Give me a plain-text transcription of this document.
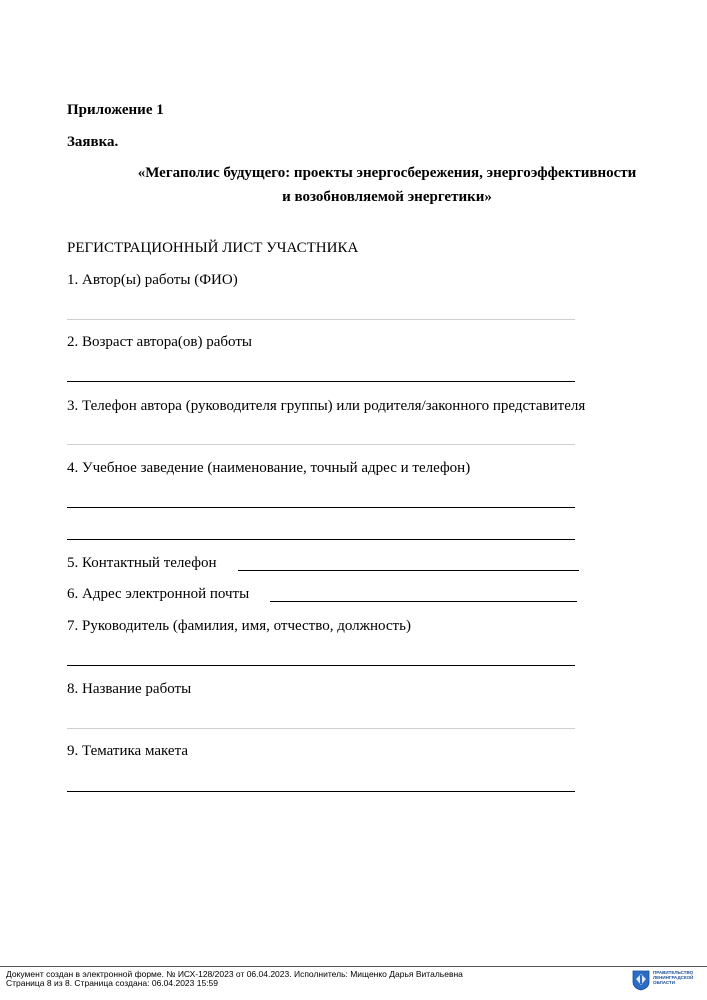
Приложение 1
Заявка.
«Мегаполис будущего: проекты энергосбережения, энергоэффективности
и возобновляемой энергетики»
РЕГИСТРАЦИОННЫЙ ЛИСТ УЧАСТНИКА
1. Автор(ы) работы (ФИО)
2. Возраст автора(ов) работы
3. Телефон автора (руководителя группы) или родителя/законного представителя
4. Учебное заведение (наименование, точный адрес и телефон)
5. Контактный телефон
6. Адрес электронной почты
7. Руководитель (фамилия, имя, отчество, должность)
8. Название работы
9. Тематика макета
Документ создан в электронной форме. № ИСХ-128/2023 от 06.04.2023. Исполнитель: Мищенко Дарья Витальевна
Страница 8 из 8. Страница создана: 06.04.2023 15:59
ПРАВИТЕЛЬСТВО
ЛЕНИНГРАДСКОЙ
ОБЛАСТИ
